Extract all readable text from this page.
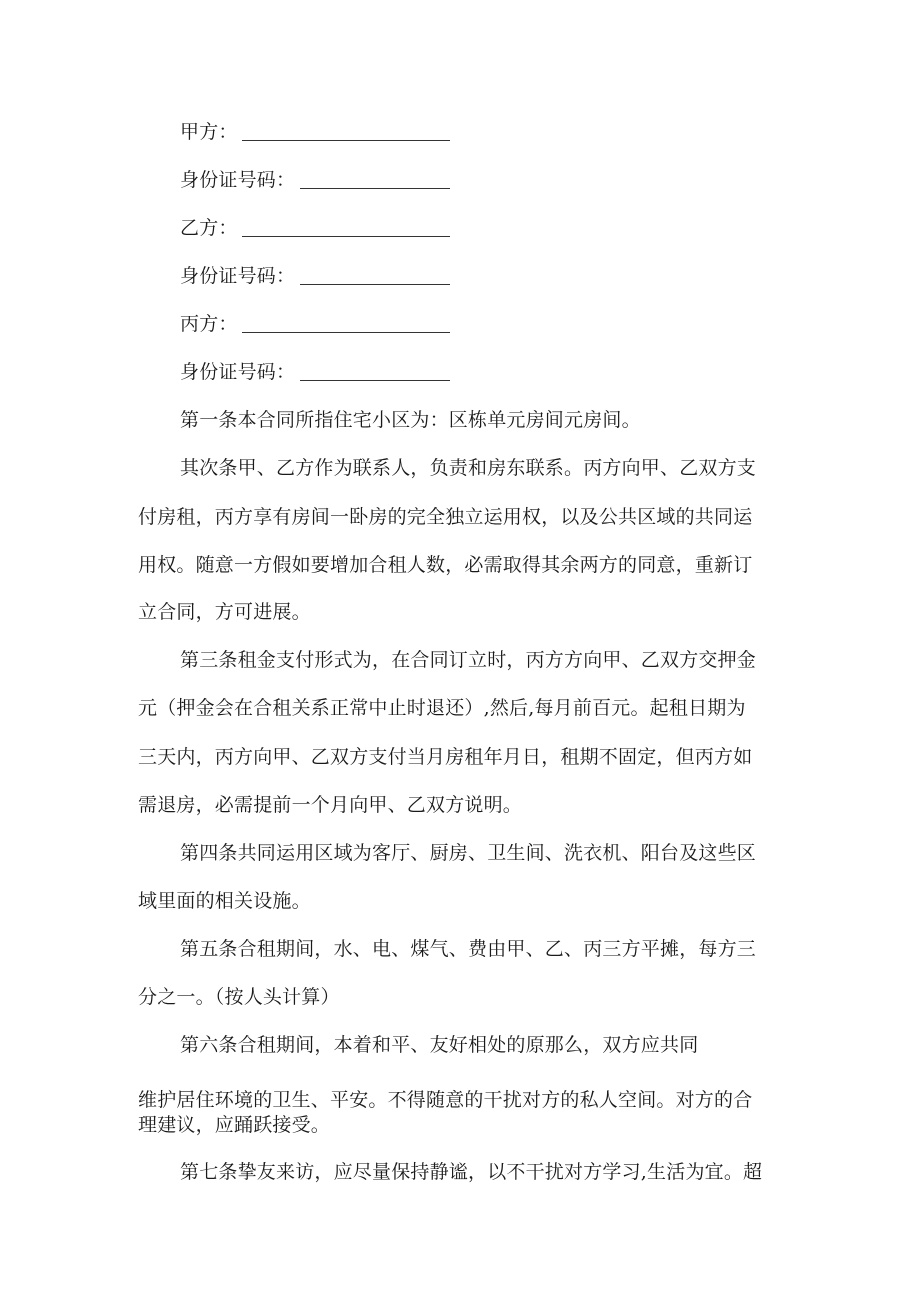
甲方：
身份证号码：
乙方：
身份证号码：
丙方：
身份证号码：
第一条本合同所指住宅小区为：区栋单元房间元房间。
其次条甲、乙方作为联系人，负责和房东联系。丙方向甲、乙双方支
付房租，丙方享有房间一卧房的完全独立运用权，以及公共区域的共同运
用权。随意一方假如要增加合租人数，必需取得其余两方的同意，重新订
立合同，方可进展。
第三条租金支付形式为，在合同订立时，丙方方向甲、乙双方交押金
元（押金会在合租关系正常中止时退还）,然后,每月前百元。起租日期为
三天内，丙方向甲、乙双方支付当月房租年月日，租期不固定，但丙方如
需退房，必需提前一个月向甲、乙双方说明。
第四条共同运用区域为客厅、厨房、卫生间、洗衣机、阳台及这些区
域里面的相关设施。
第五条合租期间，水、电、煤气、费由甲、乙、丙三方平摊，每方三
分之一。（按人头计算）
第六条合租期间，本着和平、友好相处的原那么，双方应共同
维护居住环境的卫生、平安。不得随意的干扰对方的私人空间。对方的合
理建议，应踊跃接受。
第七条挚友来访，应尽量保持静谧，以不干扰对方学习,生活为宜。超
